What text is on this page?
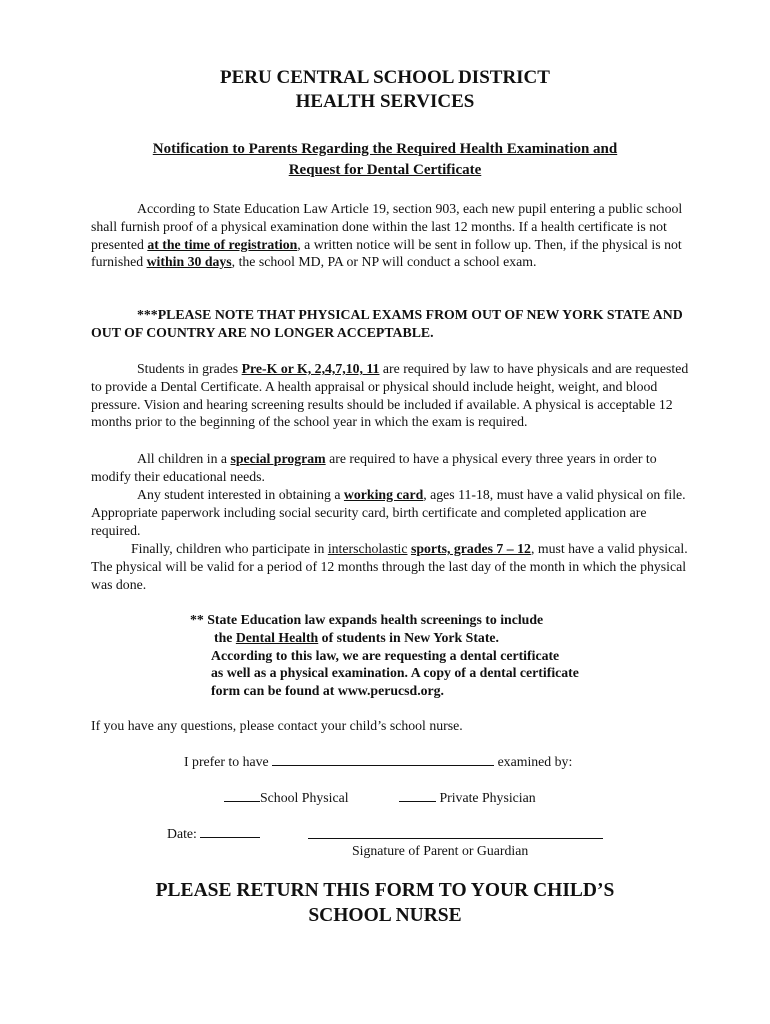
PERU CENTRAL SCHOOL DISTRICT
HEALTH SERVICES
Notification to Parents Regarding the Required Health Examination and
Request for Dental Certificate
According to State Education Law Article 19, section 903, each new pupil entering a public school shall furnish proof of a physical examination done within the last 12 months. If a health certificate is not presented at the time of registration, a written notice will be sent in follow up. Then, if the physical is not furnished within 30 days, the school MD, PA or NP will conduct a school exam.
***PLEASE NOTE THAT PHYSICAL EXAMS FROM OUT OF NEW YORK STATE AND OUT OF COUNTRY ARE NO LONGER ACCEPTABLE.
Students in grades Pre-K or K, 2,4,7,10, 11 are required by law to have physicals and are requested to provide a Dental Certificate. A health appraisal or physical should include height, weight, and blood pressure. Vision and hearing screening results should be included if available. A physical is acceptable 12 months prior to the beginning of the school year in which the exam is required.
All children in a special program are required to have a physical every three years in order to modify their educational needs.
Any student interested in obtaining a working card, ages 11-18, must have a valid physical on file. Appropriate paperwork including social security card, birth certificate and completed application are required.
Finally, children who participate in interscholastic sports, grades 7 – 12, must have a valid physical. The physical will be valid for a period of 12 months through the last day of the month in which the physical was done.
** State Education law expands health screenings to include
the Dental Health of students in New York State.
According to this law, we are requesting a dental certificate
as well as a physical examination. A copy of a dental certificate
form can be found at www.perucsd.org.
If you have any questions, please contact your child’s school nurse.
I prefer to have	examined by:
School Physical	Private Physician
Date:
Signature of Parent or Guardian
PLEASE RETURN THIS FORM TO YOUR CHILD’S
SCHOOL NURSE
